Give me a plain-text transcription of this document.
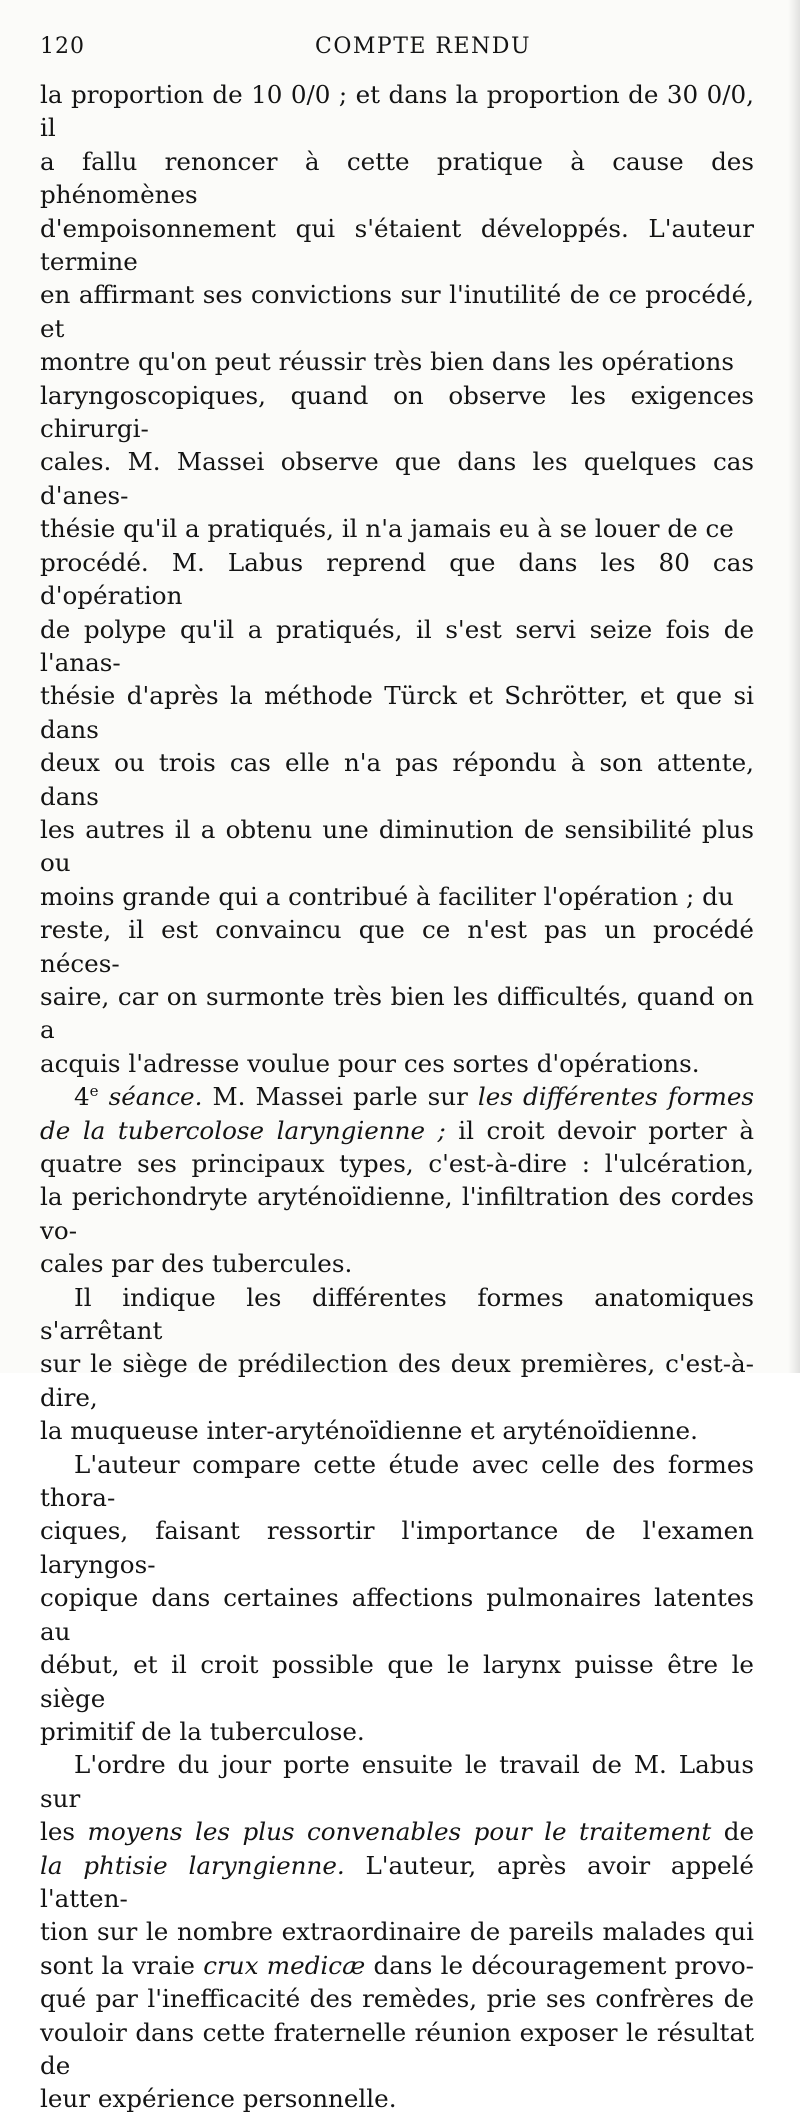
120	COMPTE RENDU

la proportion de 10 0/0 ; et dans la proportion de 30 0/0, il
a fallu renoncer à cette pratique à cause des phénomènes
d'empoisonnement qui s'étaient développés. L'auteur termine
en affirmant ses convictions sur l'inutilité de ce procédé, et
montre qu'on peut réussir très bien dans les opérations
laryngoscopiques, quand on observe les exigences chirurgi-
cales. M. Massei observe que dans les quelques cas d'anes-
thésie qu'il a pratiqués, il n'a jamais eu à se louer de ce
procédé. M. Labus reprend que dans les 80 cas d'opération
de polype qu'il a pratiqués, il s'est servi seize fois de l'anas-
thésie d'après la méthode Türck et Schrötter, et que si dans
deux ou trois cas elle n'a pas répondu à son attente, dans
les autres il a obtenu une diminution de sensibilité plus ou
moins grande qui a contribué à faciliter l'opération ; du
reste, il est convaincu que ce n'est pas un procédé néces-
saire, car on surmonte très bien les difficultés, quand on a
acquis l'adresse voulue pour ces sortes d'opérations.

4e séance. M. Massei parle sur les différentes formes
de la tubercolose laryngienne ; il croit devoir porter à
quatre ses principaux types, c'est-à-dire : l'ulcération,
la perichondryte aryténoïdienne, l'infiltration des cordes vo-
cales par des tubercules.

Il indique les différentes formes anatomiques s'arrêtant
sur le siège de prédilection des deux premières, c'est-à-dire,
la muqueuse inter-aryténoïdienne et aryténoïdienne.

L'auteur compare cette étude avec celle des formes thora-
ciques, faisant ressortir l'importance de l'examen laryngos-
copique dans certaines affections pulmonaires latentes au
début, et il croit possible que le larynx puisse être le siège
primitif de la tuberculose.

L'ordre du jour porte ensuite le travail de M. Labus sur
les moyens les plus convenables pour le traitement de
la phtisie laryngienne. L'auteur, après avoir appelé l'atten-
tion sur le nombre extraordinaire de pareils malades qui
sont la vraie crux medicæ dans le découragement provo-
qué par l'inefficacité des remèdes, prie ses confrères de
vouloir dans cette fraternelle réunion exposer le résultat de
leur expérience personnelle.
